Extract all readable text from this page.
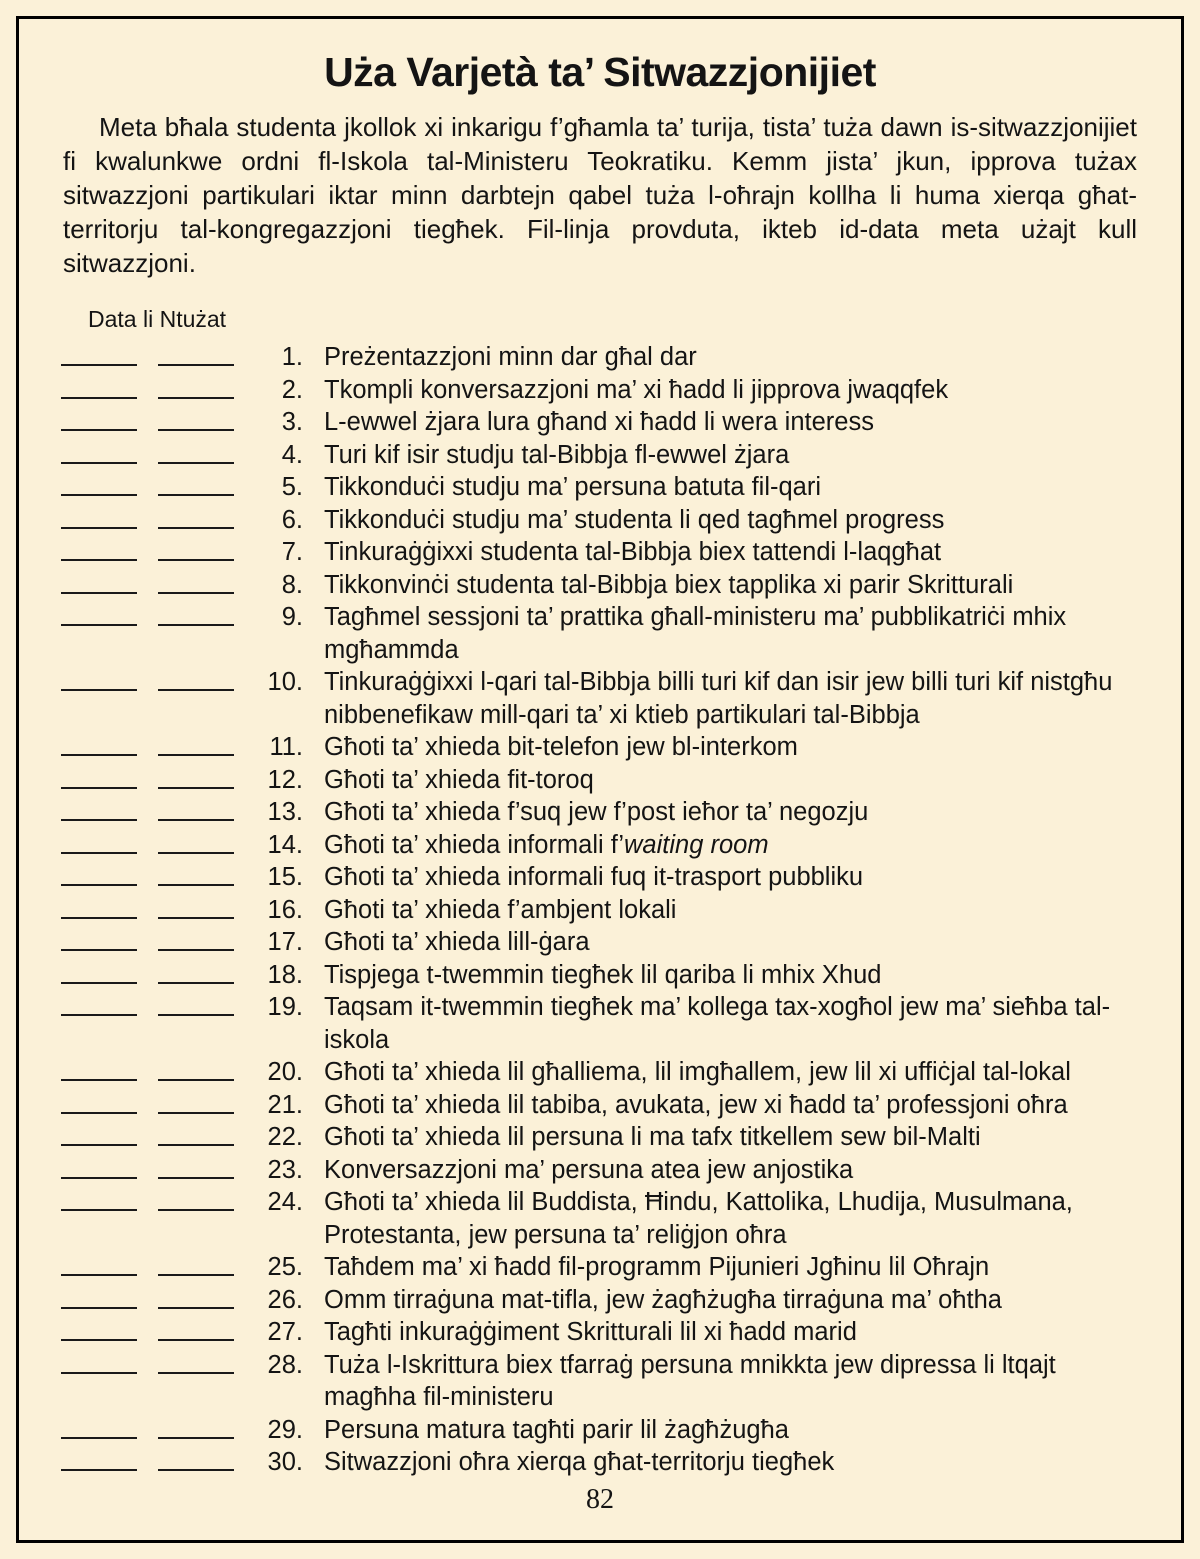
Uża Varjetà ta’ Sitwazzjonijiet

Meta bħala studenta jkollok xi inkarigu f’għamla ta’ turija, tista’ tuża dawn is-sitwazzjonijiet fi kwalunkwe ordni fl-Iskola tal-Ministeru Teokratiku. Kemm jista’ jkun, ipprova tużax sitwazzjoni partikulari iktar minn darbtejn qabel tuża l-oħrajn kollha li huma xierqa għat-territorju tal-kongregazzjoni tiegħek. Fil-linja provduta, ikteb id-data meta użajt kull sitwazzjoni.

Data li Ntużat
1. Preżentazzjoni minn dar għal dar
2. Tkompli konversazzjoni ma’ xi ħadd li jipprova jwaqqfek
3. L-ewwel żjara lura għand xi ħadd li wera interess
4. Turi kif isir studju tal-Bibbja fl-ewwel żjara
5. Tikkonduċi studju ma’ persuna batuta fil-qari
6. Tikkonduċi studju ma’ studenta li qed tagħmel progress
7. Tinkuraġġixxi studenta tal-Bibbja biex tattendi l-laqgħat
8. Tikkonvinċi studenta tal-Bibbja biex tapplika xi parir Skritturali
9. Tagħmel sessjoni ta’ prattika għall-ministeru ma’ pubblikatriċi mhix mgħammda
10. Tinkuraġġixxi l-qari tal-Bibbja billi turi kif dan isir jew billi turi kif nistgħu nibbenefikaw mill-qari ta’ xi ktieb partikulari tal-Bibbja
11. Għoti ta’ xhieda bit-telefon jew bl-interkom
12. Għoti ta’ xhieda fit-toroq
13. Għoti ta’ xhieda f’suq jew f’post ieħor ta’ negozju
14. Għoti ta’ xhieda informali f’waiting room
15. Għoti ta’ xhieda informali fuq it-trasport pubbliku
16. Għoti ta’ xhieda f’ambjent lokali
17. Għoti ta’ xhieda lill-ġara
18. Tispjega t-twemmin tiegħek lil qariba li mhix Xhud
19. Taqsam it-twemmin tiegħek ma’ kollega tax-xogħol jew ma’ sieħba tal-iskola
20. Għoti ta’ xhieda lil għalliema, lil imgħallem, jew lil xi uffiċjal tal-lokal
21. Għoti ta’ xhieda lil tabiba, avukata, jew xi ħadd ta’ professjoni oħra
22. Għoti ta’ xhieda lil persuna li ma tafx titkellem sew bil-Malti
23. Konversazzjoni ma’ persuna atea jew anjostika
24. Għoti ta’ xhieda lil Buddista, Ħindu, Kattolika, Lhudija, Musulmana, Protestanta, jew persuna ta’ reliġjon oħra
25. Taħdem ma’ xi ħadd fil-programm Pijunieri Jgħinu lil Oħrajn
26. Omm tirraġuna mat-tifla, jew żagħżugħa tirraġuna ma’ oħtha
27. Tagħti inkuraġġiment Skritturali lil xi ħadd marid
28. Tuża l-Iskrittura biex tfarraġ persuna mnikkta jew dipressa li ltqajt magħha fil-ministeru
29. Persuna matura tagħti parir lil żagħżugħa
30. Sitwazzjoni oħra xierqa għat-territorju tiegħek
82
